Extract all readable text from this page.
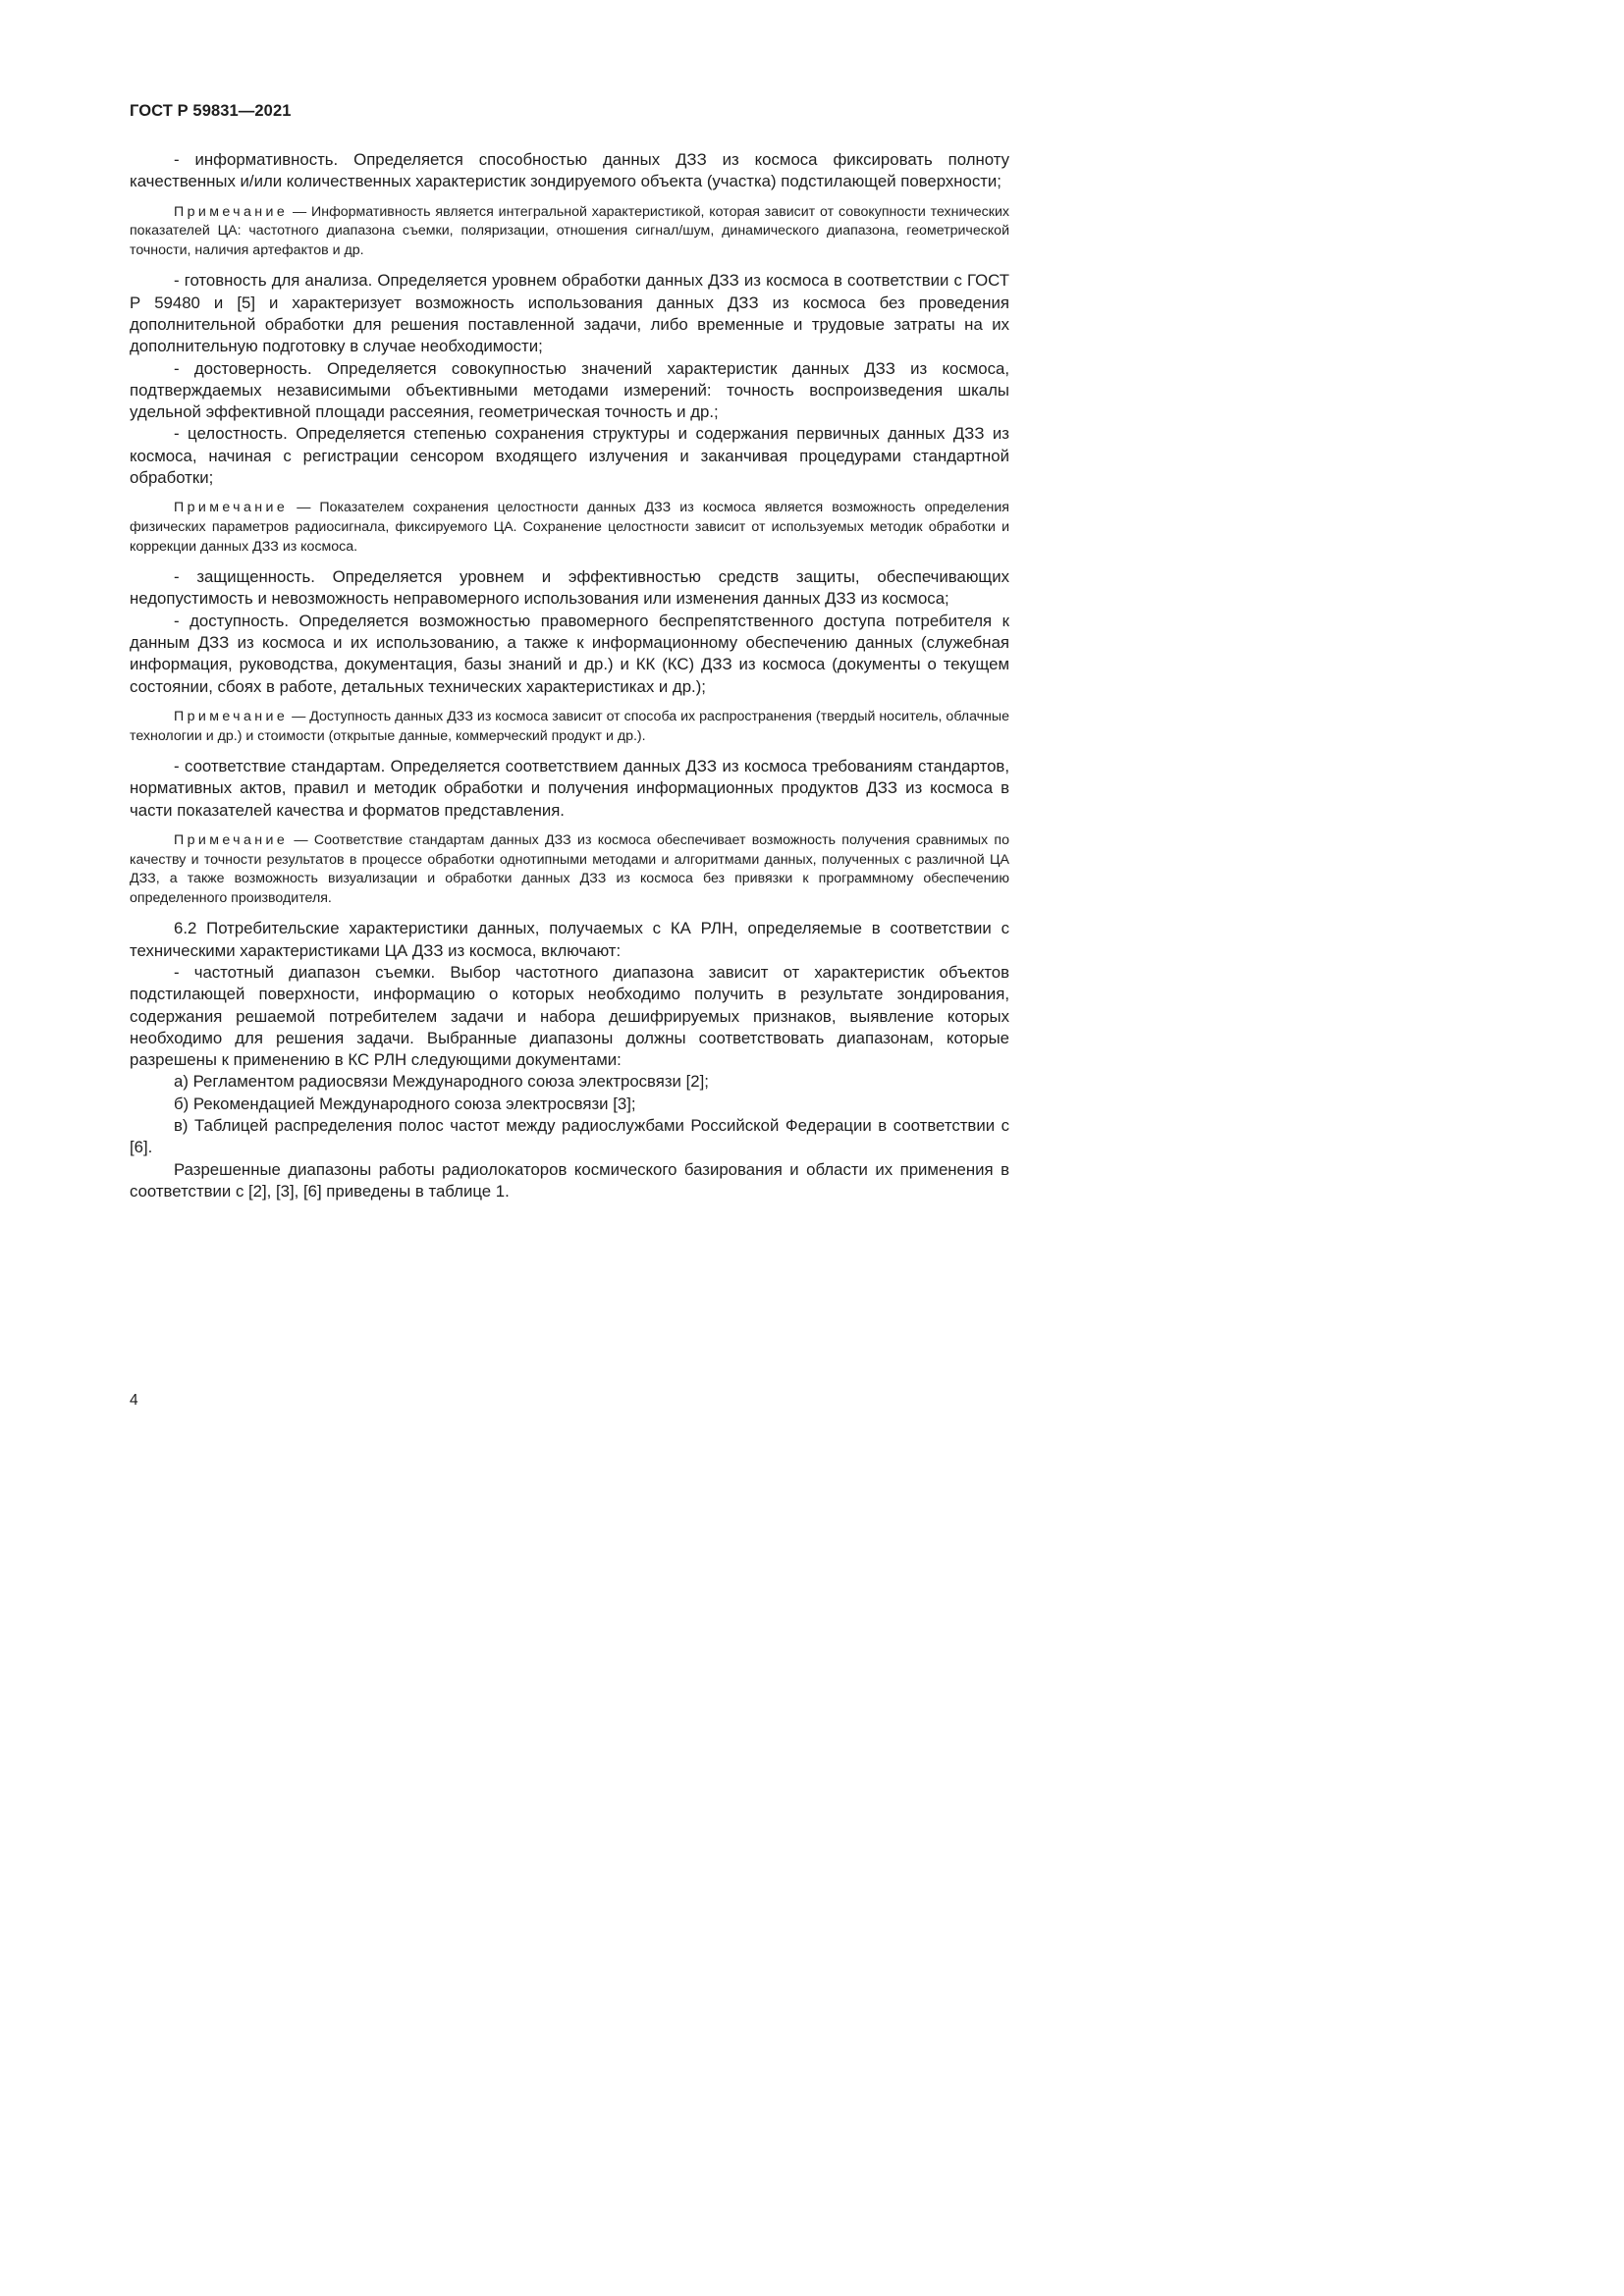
ГОСТ Р 59831—2021

- информативность. Определяется способностью данных ДЗЗ из космоса фиксировать полноту качественных и/или количественных характеристик зондируемого объекта (участка) подстилающей поверхности;

Примечание — Информативность является интегральной характеристикой, которая зависит от совокупности технических показателей ЦА: частотного диапазона съемки, поляризации, отношения сигнал/шум, динамического диапазона, геометрической точности, наличия артефактов и др.

- готовность для анализа. Определяется уровнем обработки данных ДЗЗ из космоса в соответствии с ГОСТ Р 59480 и [5] и характеризует возможность использования данных ДЗЗ из космоса без проведения дополнительной обработки для решения поставленной задачи, либо временные и трудовые затраты на их дополнительную подготовку в случае необходимости;

- достоверность. Определяется совокупностью значений характеристик данных ДЗЗ из космоса, подтверждаемых независимыми объективными методами измерений: точность воспроизведения шкалы удельной эффективной площади рассеяния, геометрическая точность и др.;

- целостность. Определяется степенью сохранения структуры и содержания первичных данных ДЗЗ из космоса, начиная с регистрации сенсором входящего излучения и заканчивая процедурами стандартной обработки;

Примечание — Показателем сохранения целостности данных ДЗЗ из космоса является возможность определения физических параметров радиосигнала, фиксируемого ЦА. Сохранение целостности зависит от используемых методик обработки и коррекции данных ДЗЗ из космоса.

- защищенность. Определяется уровнем и эффективностью средств защиты, обеспечивающих недопустимость и невозможность неправомерного использования или изменения данных ДЗЗ из космоса;

- доступность. Определяется возможностью правомерного беспрепятственного доступа потребителя к данным ДЗЗ из космоса и их использованию, а также к информационному обеспечению данных (служебная информация, руководства, документация, базы знаний и др.) и КК (КС) ДЗЗ из космоса (документы о текущем состоянии, сбоях в работе, детальных технических характеристиках и др.);

Примечание — Доступность данных ДЗЗ из космоса зависит от способа их распространения (твердый носитель, облачные технологии и др.) и стоимости (открытые данные, коммерческий продукт и др.).

- соответствие стандартам. Определяется соответствием данных ДЗЗ из космоса требованиям стандартов, нормативных актов, правил и методик обработки и получения информационных продуктов ДЗЗ из космоса в части показателей качества и форматов представления.

Примечание — Соответствие стандартам данных ДЗЗ из космоса обеспечивает возможность получения сравнимых по качеству и точности результатов в процессе обработки однотипными методами и алгоритмами данных, полученных с различной ЦА ДЗЗ, а также возможность визуализации и обработки данных ДЗЗ из космоса без привязки к программному обеспечению определенного производителя.

6.2 Потребительские характеристики данных, получаемых с КА РЛН, определяемые в соответствии с техническими характеристиками ЦА ДЗЗ из космоса, включают:

- частотный диапазон съемки. Выбор частотного диапазона зависит от характеристик объектов подстилающей поверхности, информацию о которых необходимо получить в результате зондирования, содержания решаемой потребителем задачи и набора дешифрируемых признаков, выявление которых необходимо для решения задачи. Выбранные диапазоны должны соответствовать диапазонам, которые разрешены к применению в КС РЛН следующими документами:

а) Регламентом радиосвязи Международного союза электросвязи [2];

б) Рекомендацией Международного союза электросвязи [3];

в) Таблицей распределения полос частот между радиослужбами Российской Федерации в соответствии с [6].

Разрешенные диапазоны работы радиолокаторов космического базирования и области их применения в соответствии с [2], [3], [6] приведены в таблице 1.

4
